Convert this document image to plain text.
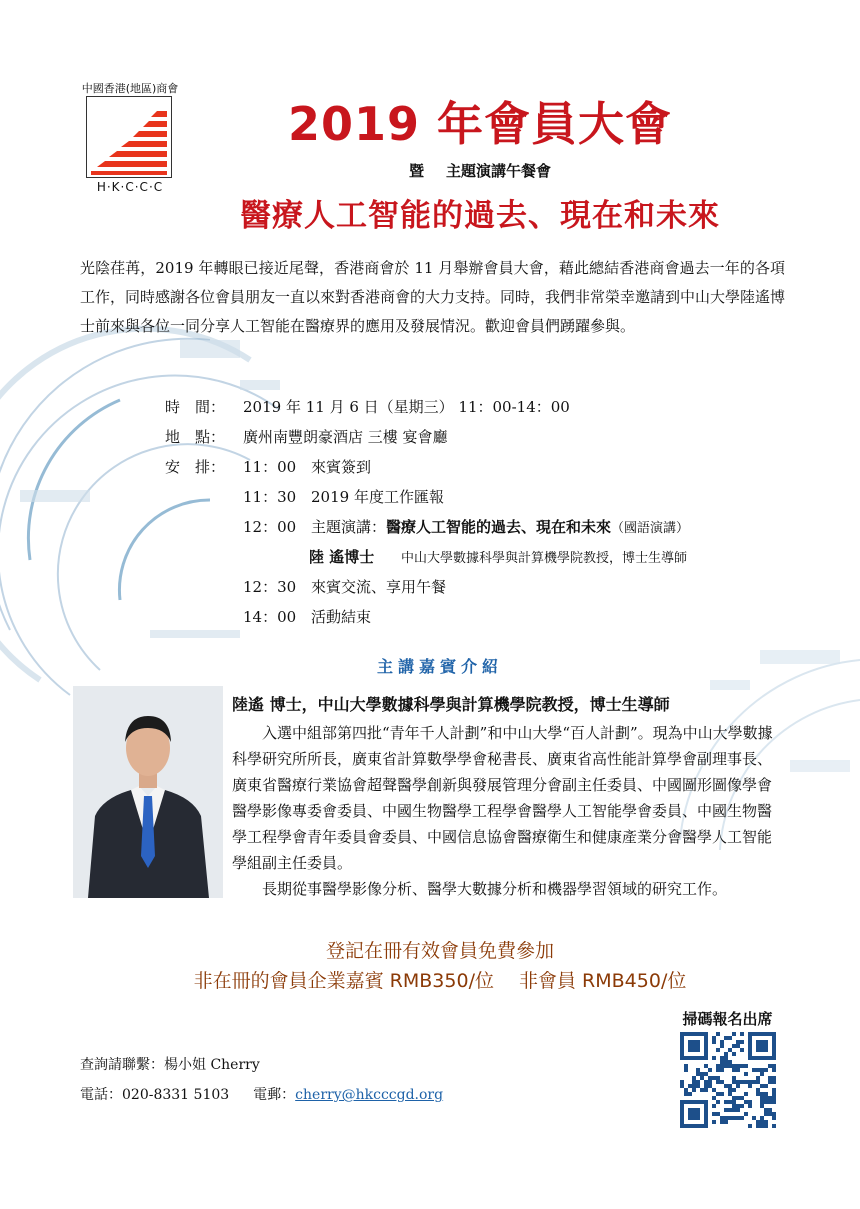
中國香港(地區)商會
H·K·C·C·C
2019 年會員大會
暨 主題演講午餐會
醫療人工智能的過去、現在和未來
光陰荏苒，2019 年轉眼已接近尾聲，香港商會於 11 月舉辦會員大會，藉此總結香港商會過去一年的各項工作，同時感謝各位會員朋友一直以來對香港商會的大力支持。同時，我們非常榮幸邀請到中山大學陸遙博士前來與各位一同分享人工智能在醫療界的應用及發展情況。歡迎會員們踴躍參與。
時　間： 2019 年 11 月 6 日（星期三） 11：00-14：00
地　點： 廣州南豐朗豪酒店 三樓 宴會廳
安　排： 11：00 來賓簽到
11：30 2019 年度工作匯報
12：00 主題演講：醫療人工智能的過去、現在和未來（國語演講）
陸 遙博士 中山大學數據科學與計算機學院教授，博士生導師
12：30 來賓交流、享用午餐
14：00 活動結束
主講嘉賓介紹
陸遙 博士，中山大學數據科學與計算機學院教授，博士生導師

入選中組部第四批“青年千人計劃”和中山大學“百人計劃”。現為中山大學數據科學研究所所長，廣東省計算數學學會秘書長、廣東省高性能計算學會副理事長、廣東省醫療行業協會超聲醫學創新與發展管理分會副主任委員、中國圖形圖像學會醫學影像專委會委員、中國生物醫學工程學會醫學人工智能學會委員、中國生物醫學工程學會青年委員會委員、中國信息協會醫療衛生和健康產業分會醫學人工智能學組副主任委員。

長期從事醫學影像分析、醫學大數據分析和機器學習領域的研究工作。

登記在冊有效會員免費參加
非在冊的會員企業嘉賓 RMB350/位　 非會員 RMB450/位
掃碼報名出席
查詢請聯繫：楊小姐 Cherry
電話：020-8331 5103 電郵：cherry@hkcccgd.org
